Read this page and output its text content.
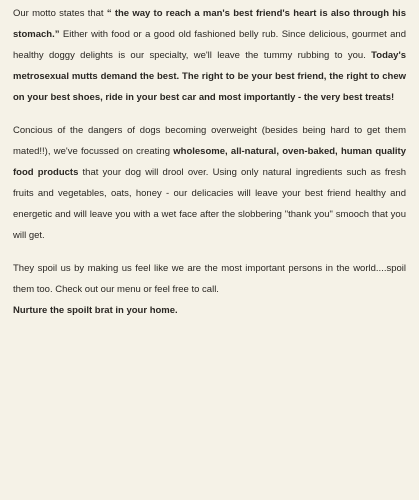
Our motto states that “ the way to reach a man's best friend's heart is also through his stomach.” Either with food or a good old fashioned belly rub. Since delicious, gourmet and healthy doggy delights is our specialty, we'll leave the tummy rubbing to you. Today's metrosexual mutts demand the best. The right to be your best friend, the right to chew on your best shoes, ride in your best car and most importantly - the very best treats!

Concious of the dangers of dogs becoming overweight (besides being hard to get them mated!!), we've focussed on creating wholesome, all-natural, oven-baked, human quality food products that your dog will drool over. Using only natural ingredients such as fresh fruits and vegetables, oats, honey - our delicacies will leave your best friend healthy and energetic and will leave you with a wet face after the slobbering "thank you" smooch that you will get.

They spoil us by making us feel like we are the most important persons in the world....spoil them too. Check out our menu or feel free to call.

Nurture the spoilt brat in your home.
